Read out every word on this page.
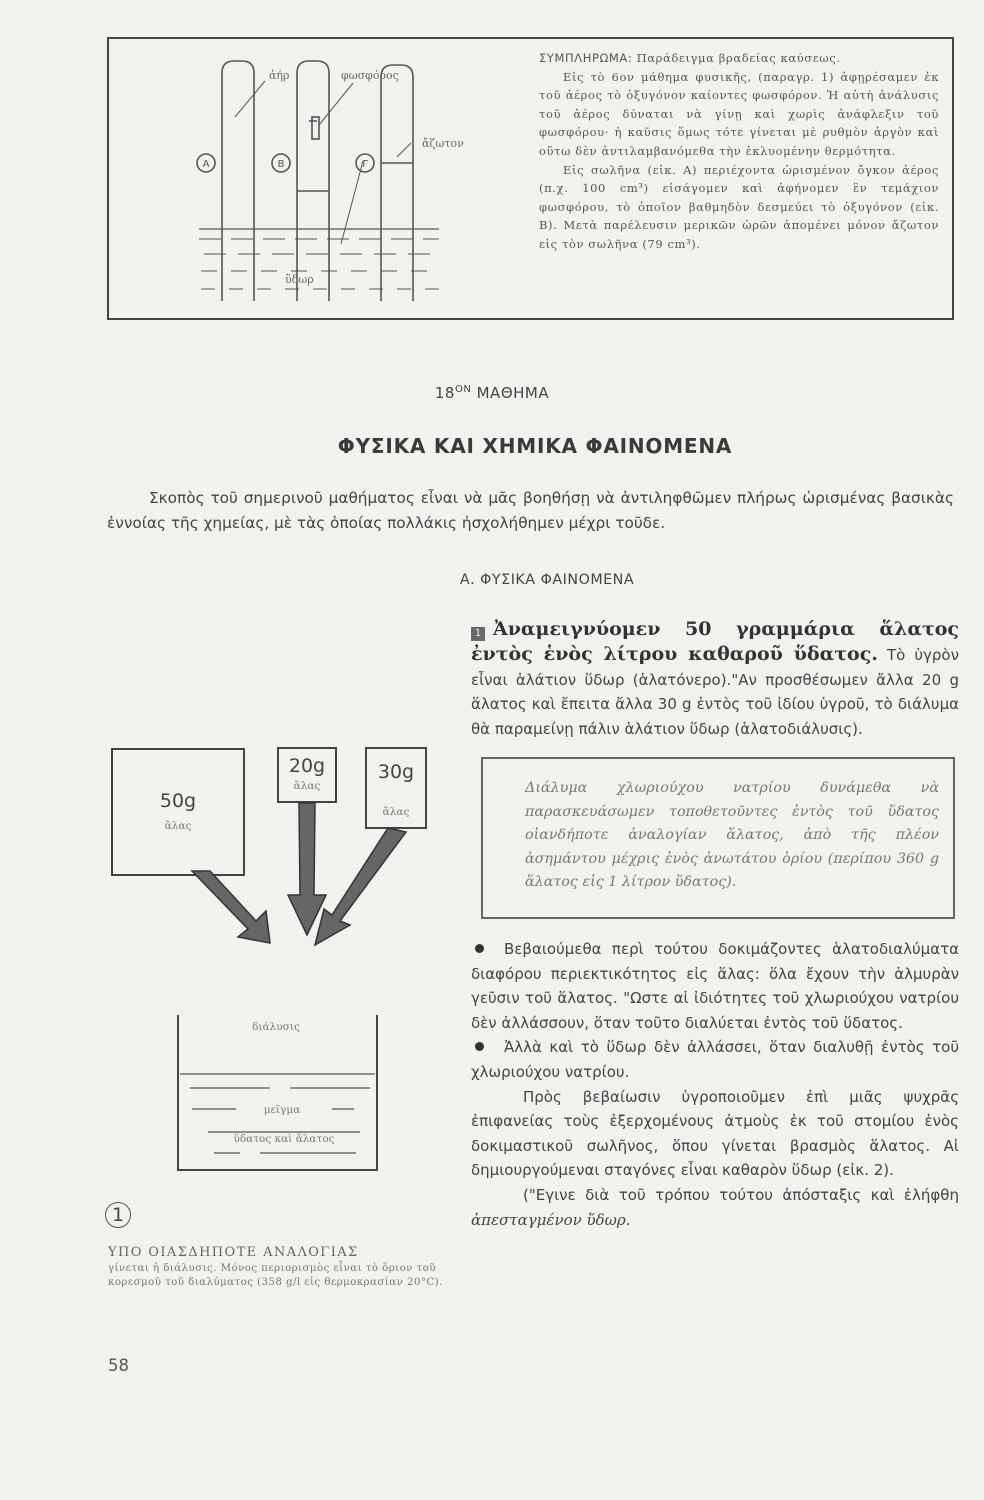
Α	Β	Γ
ἀήρ	φωσφόρος
ἄζωτον
ὕδωρ

ΣΥΜΠΛΗΡΩΜΑ: Παράδειγμα βραδείας καύσεως.

Εἰς τὸ 6ον μάθημα φυσικῆς, (παραγρ. 1) ἀφῃρέσαμεν ἐκ τοῦ ἀέρος τὸ ὀξυγόνον καίοντες φωσφόρον. Ἡ αὐτὴ ἀνάλυσις τοῦ ἀέρος δύναται νὰ γίνῃ καὶ χωρὶς ἀνάφλεξιν τοῦ φωσφόρου· ἡ καῦσις ὅμως τότε γίνεται μὲ ρυθμὸν ἀργὸν καὶ οὕτω δὲν ἀντιλαμβανόμεθα τὴν ἐκλυομένην θερμότητα.

Εἰς σωλῆνα (εἰκ. Α) περιέχοντα ὡρισμένον ὄγκον ἀέρος (π.χ. 100 cm³) εἰσάγομεν καὶ ἀφήνομεν ἓν τεμάχιον φωσφόρου, τὸ ὁποῖον βαθμηδὸν δεσμεύει τὸ ὀξυγόνον (εἰκ. Β). Μετὰ παρέλευσιν μερικῶν ὡρῶν ἀπομένει μόνον ἄζωτον εἰς τὸν σωλῆνα (79 cm³).

$18^{ON}$ ΜΑΘΗΜΑ
ΦΥΣΙΚΑ ΚΑΙ ΧΗΜΙΚΑ ΦΑΙΝΟΜΕΝΑ

Σκοπὸς τοῦ σημερινοῦ μαθήματος εἶναι νὰ μᾶς βοηθήσῃ νὰ ἀντιληφθῶμεν πλήρως ὡρισμένας βασικὰς ἐννοίας τῆς χημείας, μὲ τὰς ὁποίας πολλάκις ἠσχολήθημεν μέχρι τοῦδε.

Α. ΦΥΣΙΚΑ ΦΑΙΝΟΜΕΝΑ

1 Ἀναμειγνύομεν 50 γραμμάρια ἅλατος ἐντὸς ἑνὸς λίτρου καθαροῦ ὕδατος. Τὸ ὑγρὸν εἶναι ἁλάτιον ὕδωρ (ἁλατόνερο)."Αν προσθέσωμεν ἄλλα 20 g ἅλατος καὶ ἔπειτα ἄλλα 30 g ἐντὸς τοῦ ἰδίου ὑγροῦ, τὸ διάλυμα θὰ παραμείνῃ πάλιν ἁλάτιον ὕδωρ (ἁλατοδιάλυσις).

Διάλυμα χλωριούχου νατρίου δυνάμεθα νὰ παρασκευάσωμεν τοποθετοῦντες ἐντὸς τοῦ ὕδατος οἱανδήποτε ἀναλογίαν ἅλατος, ἀπὸ τῆς πλέον ἀσημάντου μέχρις ἑνὸς ἀνωτάτου ὁρίου (περίπου 360 g ἅλατος εἰς 1 λίτρον ὕδατος).

Βεβαιούμεθα περὶ τούτου δοκιμάζοντες ἁλατοδιαλύματα διαφόρου περιεκτικότητος εἰς ἅλας: ὅλα ἔχουν τὴν ἁλμυρὰν γεῦσιν τοῦ ἅλατος. "Ωστε αἱ ἰδιότητες τοῦ χλωριούχου νατρίου δὲν ἀλλάσσουν, ὅταν τοῦτο διαλύεται ἐντὸς τοῦ ὕδατος.

Ἀλλὰ καὶ τὸ ὕδωρ δὲν ἀλλάσσει, ὅταν διαλυθῇ ἐντὸς τοῦ χλωριούχου νατρίου.

Πρὸς βεβαίωσιν ὑγροποιοῦμεν ἐπὶ μιᾶς ψυχρᾶς ἐπιφανείας τοὺς ἐξερχομένους ἀτμοὺς ἐκ τοῦ στομίου ἑνὸς δοκιμαστικοῦ σωλῆνος, ὅπου γίνεται βρασμὸς ἅλατος. Αἱ δημιουργούμεναι σταγόνες εἶναι καθαρὸν ὕδωρ (εἰκ. 2).

("Εγινε διὰ τοῦ τρόπου τούτου ἀπόσταξις καὶ ἐλήφθη ἀπεσταγμένον ὕδωρ.

50g
20g	30g
ἅλας
ἅλας
ἅλας
διάλυσις
μεῖγμα
ὕδατος καὶ ἅλατος
1
ΥΠΟ ΟΙΑΣΔΗΠΟΤΕ ΑΝΑΛΟΓΙΑΣ
γίνεται ἡ διάλυσις. Μόνος περιορισμὸς εἶναι τὸ ὅριον τοῦ κορεσμοῦ τοῦ διαλύματος (358 g/l εἰς θερμοκρασίαν 20°C).
58
